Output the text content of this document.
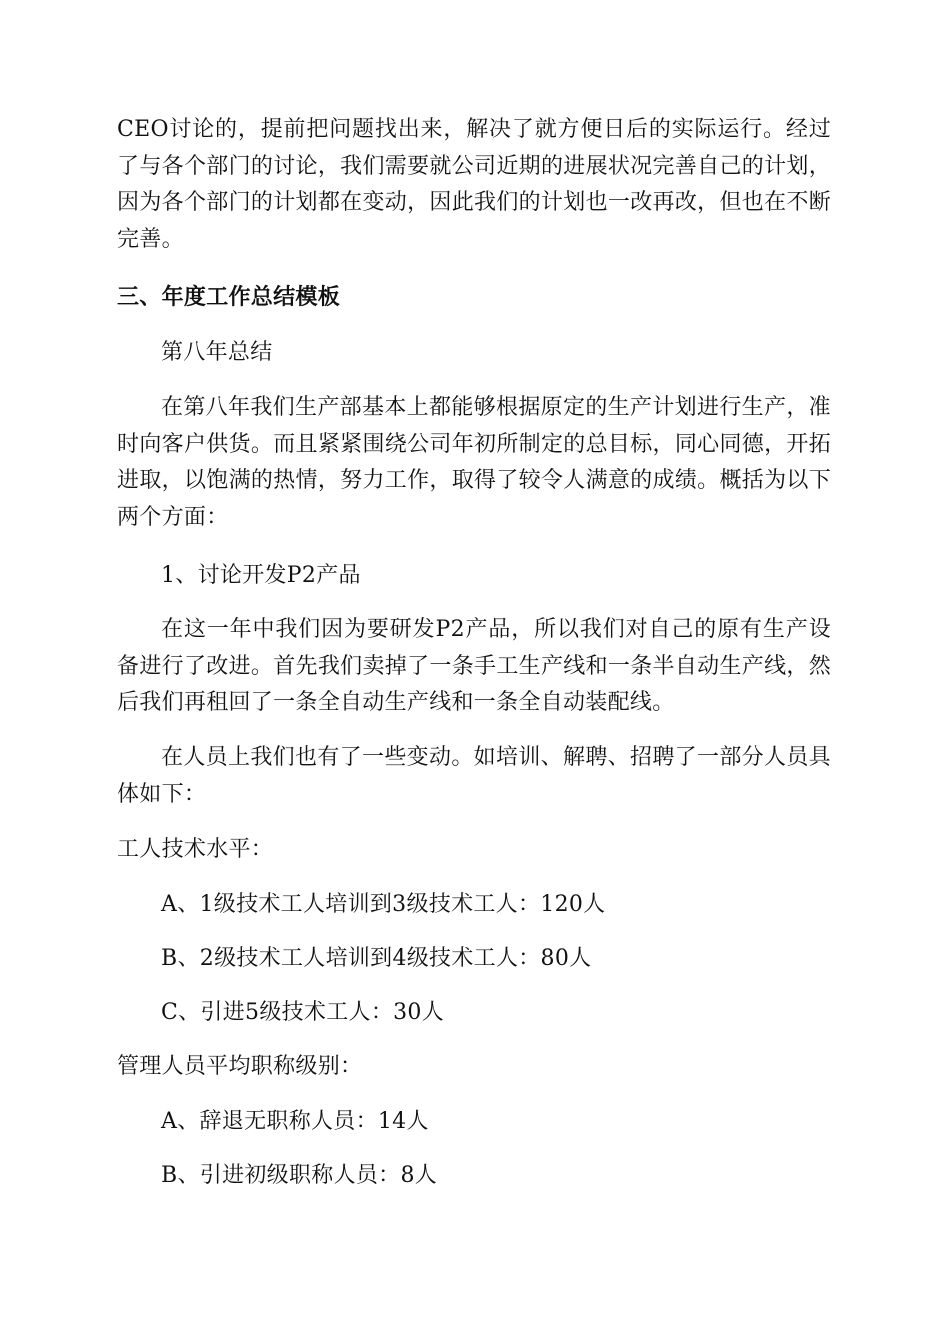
CEO讨论的，提前把问题找出来，解决了就方便日后的实际运行。经过了与各个部门的讨论，我们需要就公司近期的进展状况完善自己的计划，因为各个部门的计划都在变动，因此我们的计划也一改再改，但也在不断完善。

三、年度工作总结模板

第八年总结

在第八年我们生产部基本上都能够根据原定的生产计划进行生产，准时向客户供货。而且紧紧围绕公司年初所制定的总目标，同心同德，开拓进取，以饱满的热情，努力工作，取得了较令人满意的成绩。概括为以下两个方面：

1、讨论开发P2产品

在这一年中我们因为要研发P2产品，所以我们对自己的原有生产设备进行了改进。首先我们卖掉了一条手工生产线和一条半自动生产线，然后我们再租回了一条全自动生产线和一条全自动装配线。

在人员上我们也有了一些变动。如培训、解聘、招聘了一部分人员具体如下：

工人技术水平：

A、1级技术工人培训到3级技术工人：120人

B、2级技术工人培训到4级技术工人：80人

C、引进5级技术工人：30人

管理人员平均职称级别：

A、辞退无职称人员：14人

B、引进初级职称人员：8人
